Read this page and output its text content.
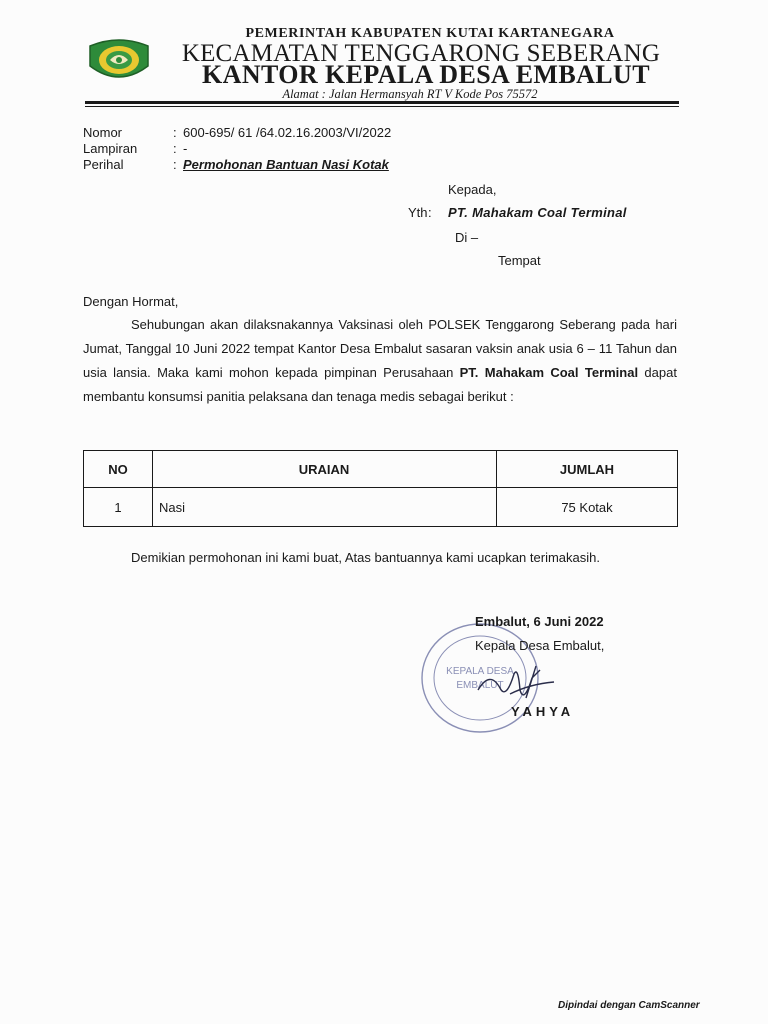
PEMERINTAH KABUPATEN KUTAI KARTANEGARA
KECAMATAN TENGGARONG SEBERANG
KANTOR KEPALA DESA EMBALUT
Alamat : Jalan Hermansyah RT V Kode Pos 75572
Nomor	: 600-695/ 61 /64.02.16.2003/VI/2022
Lampiran	: -
Perihal	: Permohonan Bantuan Nasi Kotak
Kepada,
Yth : PT. Mahakam Coal Terminal
Di –
Tempat
Dengan Hormat,
Sehubungan akan dilaksnakannya Vaksinasi oleh POLSEK Tenggarong Seberang pada hari Jumat, Tanggal 10 Juni 2022 tempat Kantor Desa Embalut sasaran vaksin anak usia 6 – 11 Tahun dan usia lansia. Maka kami mohon kepada pimpinan Perusahaan PT. Mahakam Coal Terminal dapat membantu konsumsi panitia pelaksana dan tenaga medis sebagai berikut :
NO	URAIAN	JUMLAH
1	Nasi	75 Kotak
Demikian permohonan ini kami buat, Atas bantuannya kami ucapkan terimakasih.
KEPALA DESA
EMBALUT
Embalut, 6 Juni 2022
Kepala Desa Embalut,
YAHYA
Dipindai dengan CamScanner
